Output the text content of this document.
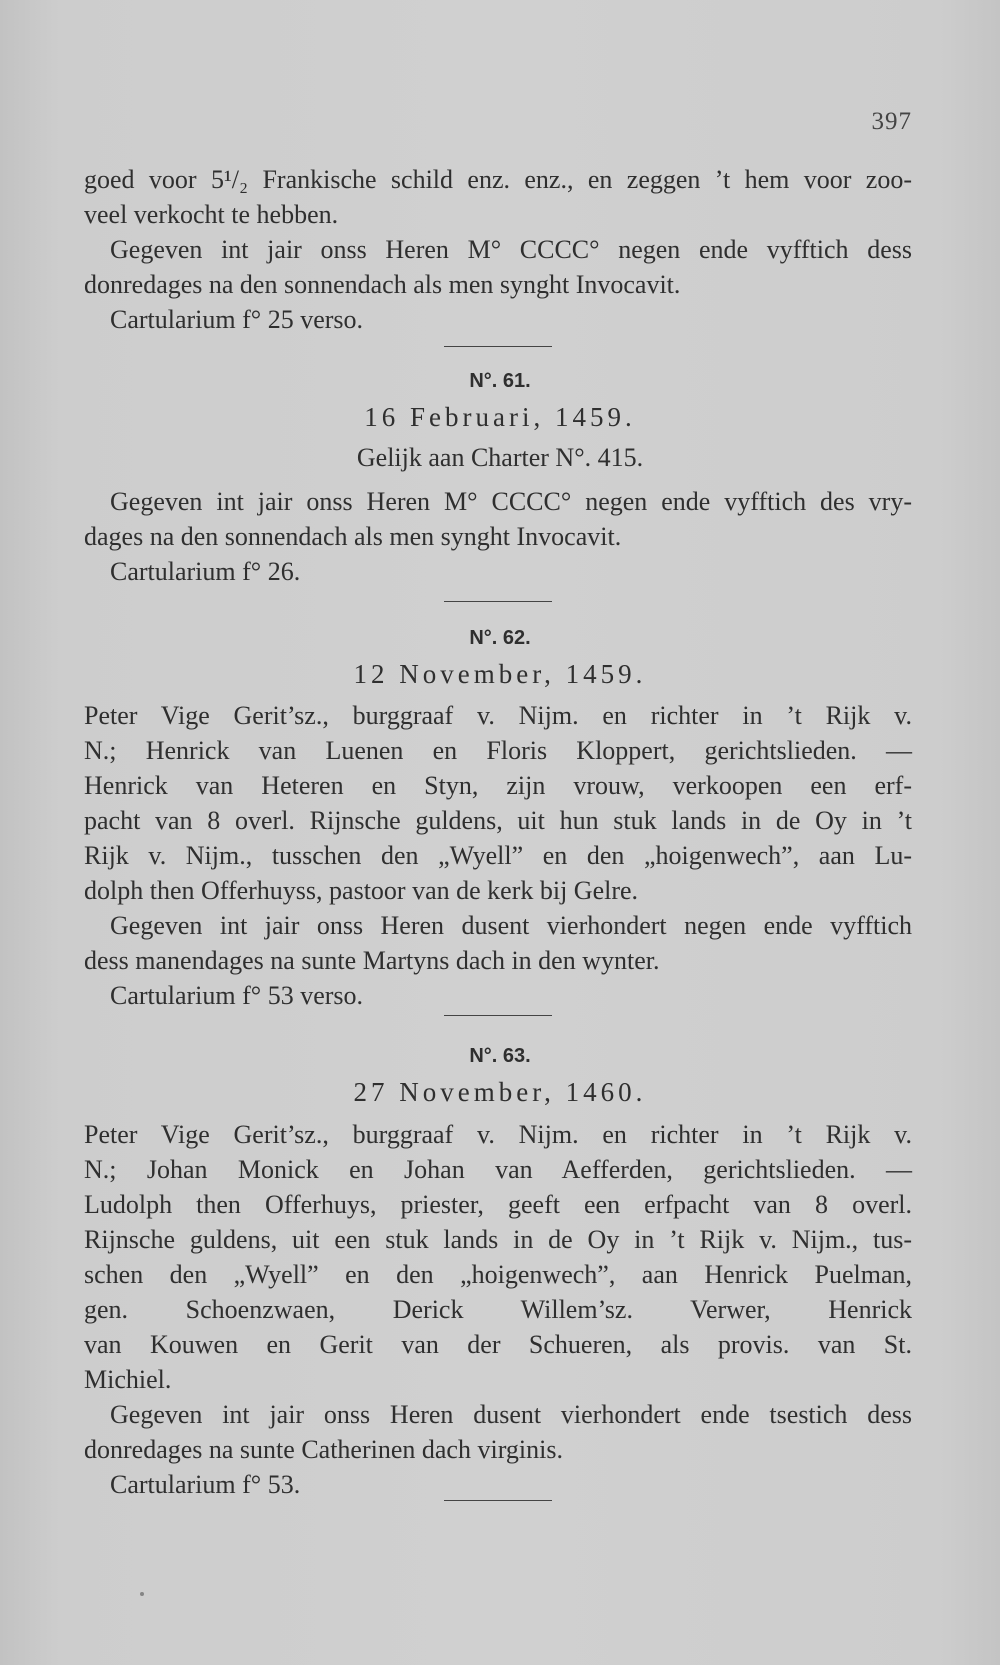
397
goed voor 5¹/₂ Frankische schild enz. enz., en zeggen ’t hem voor zoo-
veel verkocht te hebben.
Gegeven int jair onss Heren M° CCCC° negen ende vyfftich dess
donredages na den sonnendach als men synght Invocavit.
Cartularium f° 25 verso.
N°. 61.
16 Februari, 1459.
Gelijk aan Charter N°. 415.
Gegeven int jair onss Heren M° CCCC° negen ende vyfftich des vry-
dages na den sonnendach als men synght Invocavit.
Cartularium f° 26.
N°. 62.
12 November, 1459.
Peter Vige Gerit’sz., burggraaf v. Nijm. en richter in ’t Rijk v.
N.; Henrick van Luenen en Floris Kloppert, gerichtslieden. —
Henrick van Heteren en Styn, zijn vrouw, verkoopen een erf-
pacht van 8 overl. Rijnsche guldens, uit hun stuk lands in de Oy in ’t
Rijk v. Nijm., tusschen den „Wyell” en den „hoigenwech”, aan Lu-
dolph then Offerhuyss, pastoor van de kerk bij Gelre.
Gegeven int jair onss Heren dusent vierhondert negen ende vyfftich
dess manendages na sunte Martyns dach in den wynter.
Cartularium f° 53 verso.
N°. 63.
27 November, 1460.
Peter Vige Gerit’sz., burggraaf v. Nijm. en richter in ’t Rijk v.
N.; Johan Monick en Johan van Aefferden, gerichtslieden. —
Ludolph then Offerhuys, priester, geeft een erfpacht van 8 overl.
Rijnsche guldens, uit een stuk lands in de Oy in ’t Rijk v. Nijm., tus-
schen den „Wyell” en den „hoigenwech”, aan Henrick Puelman,
gen. Schoenzwaen, Derick Willem’sz. Verwer, Henrick
van Kouwen en Gerit van der Schueren, als provis. van St.
Michiel.
Gegeven int jair onss Heren dusent vierhondert ende tsestich dess
donredages na sunte Catherinen dach virginis.
Cartularium f° 53.
